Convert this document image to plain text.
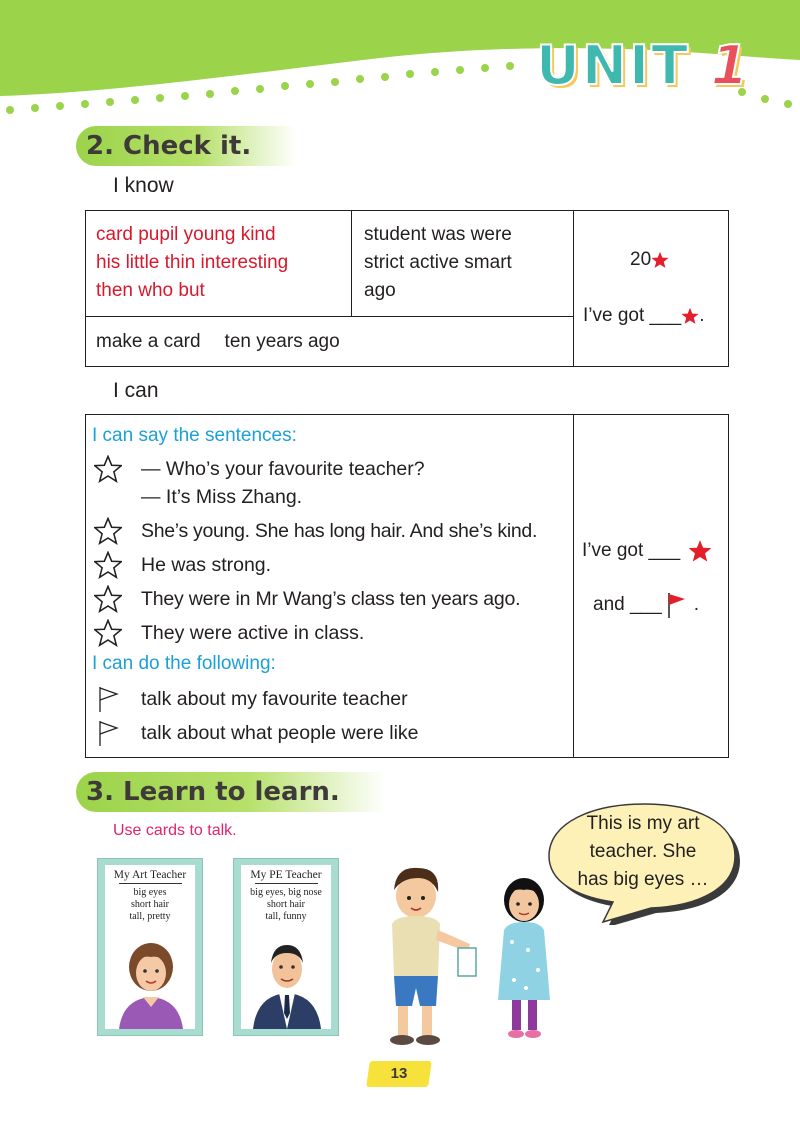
UNIT 1
2. Check it.
I know
card pupil young kind
his little thin interesting
then who but
student was were
strict active smart
ago
make a card ten years ago
20
I’ve got ___ .
I can
I can say the sentences:
— Who’s your favourite teacher?
— It’s Miss Zhang.
She’s young. She has long hair. And she’s kind.
He was strong.
They were in Mr Wang’s class ten years ago.
They were active in class.
I can do the following:
talk about my favourite teacher
talk about what people were like
I’ve got ___
and ___ .
3. Learn to learn.
Use cards to talk.
My Art Teacher
big eyes
short hair
tall, pretty
My PE Teacher
big eyes, big nose
short hair
tall, funny
This is my art
teacher. She
has big eyes …
13
